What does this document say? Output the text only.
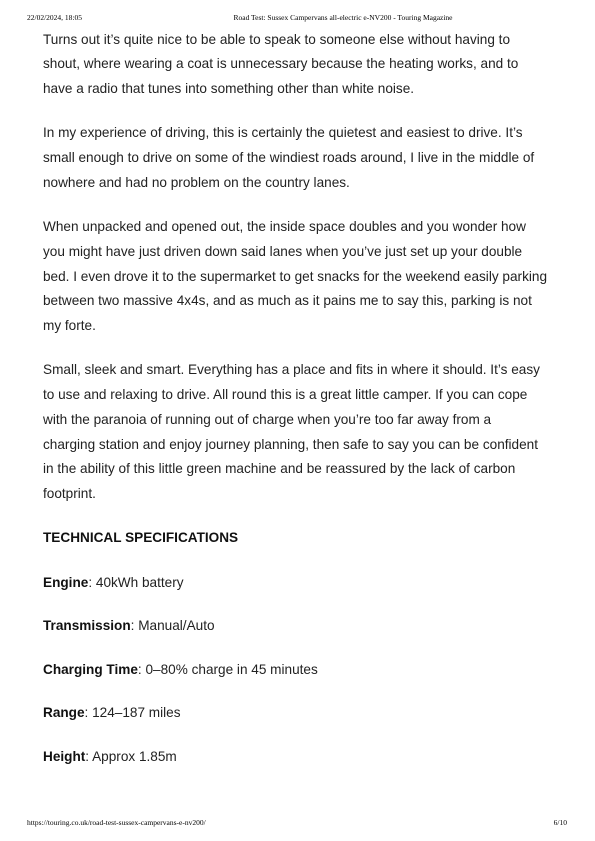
22/02/2024, 18:05	Road Test: Sussex Campervans all-electric e-NV200 - Touring Magazine

Turns out it’s quite nice to be able to speak to someone else without having to
shout, where wearing a coat is unnecessary because the heating works, and to
have a radio that tunes into something other than white noise.

In my experience of driving, this is certainly the quietest and easiest to drive. It’s
small enough to drive on some of the windiest roads around, I live in the middle of
nowhere and had no problem on the country lanes.

When unpacked and opened out, the inside space doubles and you wonder how
you might have just driven down said lanes when you’ve just set up your double
bed. I even drove it to the supermarket to get snacks for the weekend easily parking
between two massive 4x4s, and as much as it pains me to say this, parking is not
my forte.

Small, sleek and smart. Everything has a place and fits in where it should. It’s easy
to use and relaxing to drive. All round this is a great little camper. If you can cope
with the paranoia of running out of charge when you’re too far away from a
charging station and enjoy journey planning, then safe to say you can be confident
in the ability of this little green machine and be reassured by the lack of carbon
footprint.

TECHNICAL SPECIFICATIONS

Engine: 40kWh battery

Transmission: Manual/Auto

Charging Time: 0–80% charge in 45 minutes

Range: 124–187 miles

Height: Approx 1.85m

https://touring.co.uk/road-test-sussex-campervans-e-nv200/	6/10
